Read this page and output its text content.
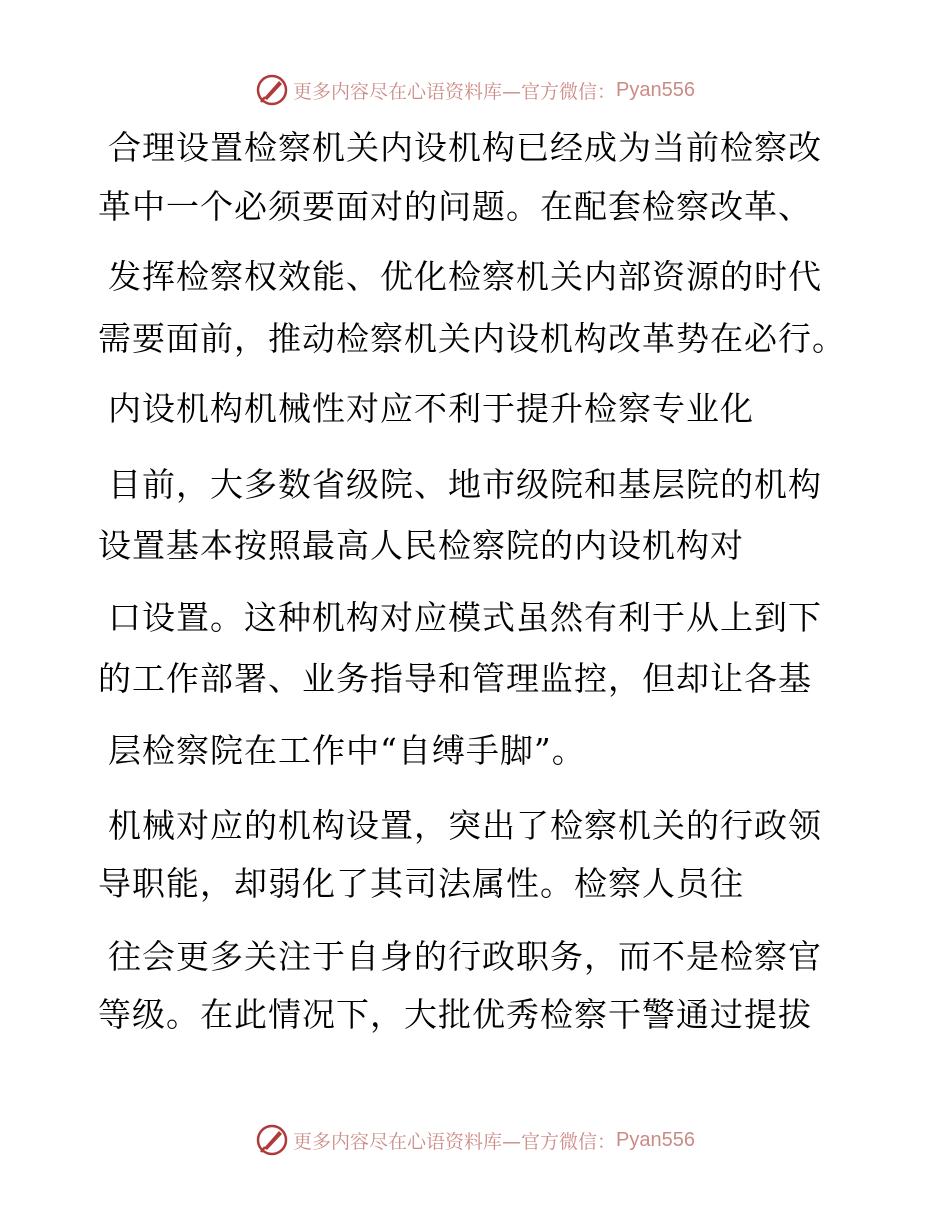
更多内容尽在心语资料库—官方微信： Pyan556
合理设置检察机关内设机构已经成为当前检察改
革中一个必须要面对的问题。在配套检察改革、
发挥检察权效能、优化检察机关内部资源的时代
需要面前，推动检察机关内设机构改革势在必行。
内设机构机械性对应不利于提升检察专业化
目前，大多数省级院、地市级院和基层院的机构
设置基本按照最高人民检察院的内设机构对
口设置。这种机构对应模式虽然有利于从上到下
的工作部署、业务指导和管理监控，但却让各基
层检察院在工作中“自缚手脚”。
机械对应的机构设置，突出了检察机关的行政领
导职能，却弱化了其司法属性。检察人员往
往会更多关注于自身的行政职务，而不是检察官
等级。在此情况下，大批优秀检察干警通过提拔
更多内容尽在心语资料库—官方微信： Pyan556
